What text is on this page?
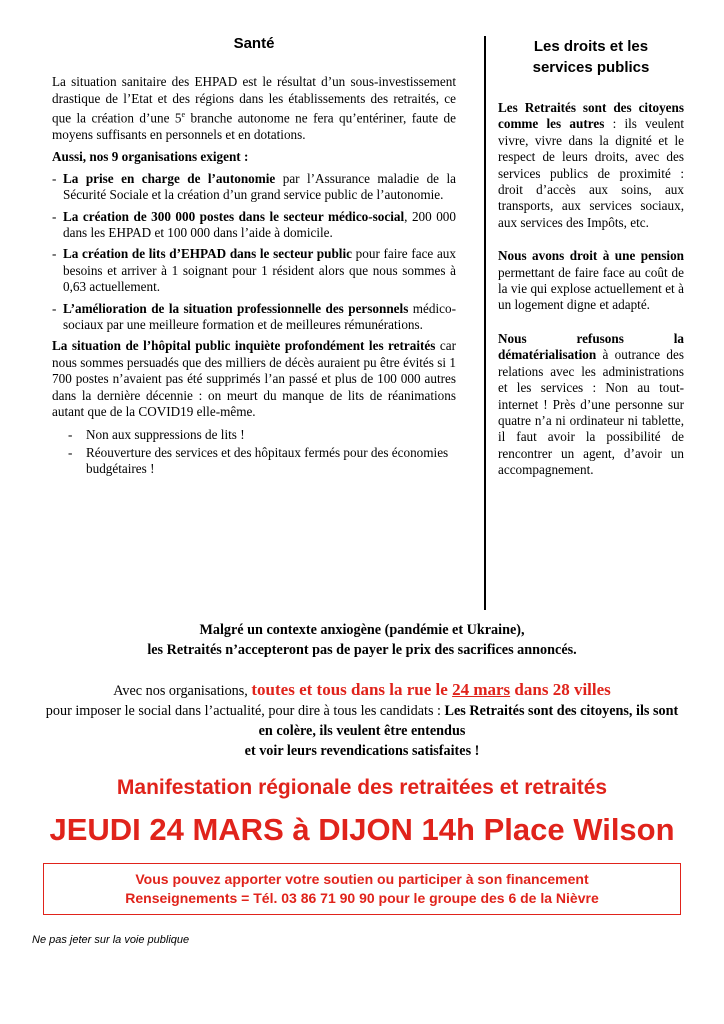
Santé

La situation sanitaire des EHPAD est le résultat d’un sous-investissement drastique de l’Etat et des régions dans les établissements des retraités, ce que la création d’une 5e branche autonome ne fera qu’entériner, faute de moyens suffisants en personnels et en dotations.

Aussi, nos 9 organisations exigent :

- La prise en charge de l’autonomie par l’Assurance maladie de la Sécurité Sociale et la création d’un grand service public de l’autonomie.
- La création de 300 000 postes dans le secteur médico-social, 200 000 dans les EHPAD et 100 000 dans l’aide à domicile.
- La création de lits d’EHPAD dans le secteur public pour faire face aux besoins et arriver à 1 soignant pour 1 résident alors que nous sommes à 0,63 actuellement.
- L’amélioration de la situation professionnelle des personnels médico-sociaux par une meilleure formation et de meilleures rémunérations.

La situation de l’hôpital public inquiète profondément les retraités car nous sommes persuadés que des milliers de décès auraient pu être évités si 1 700 postes n’avaient pas été supprimés l’an passé et plus de 100 000 autres dans la dernière décennie : on meurt du manque de lits de réanimations autant que de la COVID19 elle-même.

- Non aux suppressions de lits !
- Réouverture des services et des hôpitaux fermés pour des économies budgétaires !
Les droits et les
services publics

Les Retraités sont des citoyens comme les autres : ils veulent vivre, vivre dans la dignité et le respect de leurs droits, avec des services publics de proximité : droit d’accès aux soins, aux transports, aux services sociaux, aux services des Impôts, etc.

Nous avons droit à une pension permettant de faire face au coût de la vie qui explose actuellement et à un logement digne et adapté.

Nous refusons la dématérialisation à outrance des relations avec les administrations et les services : Non au tout-internet ! Près d’une personne sur quatre n’a ni ordinateur ni tablette, il faut avoir la possibilité de rencontrer un agent, d’avoir un accompagnement.

Malgré un contexte anxiogène (pandémie et Ukraine),
les Retraités n’accepteront pas de payer le prix des sacrifices annoncés.
Avec nos organisations, toutes et tous dans la rue le 24 mars dans 28 villes
pour imposer le social dans l’actualité, pour dire à tous les candidats : Les Retraités sont des citoyens, ils sont en colère, ils veulent être entendus
et voir leurs revendications satisfaites !
Manifestation régionale des retraitées et retraités
JEUDI 24 MARS à DIJON 14h Place Wilson
Vous pouvez apporter votre soutien ou participer à son financement
Renseignements = Tél. 03 86 71 90 90 pour le groupe des 6 de la Nièvre
Ne pas jeter sur la voie publique
